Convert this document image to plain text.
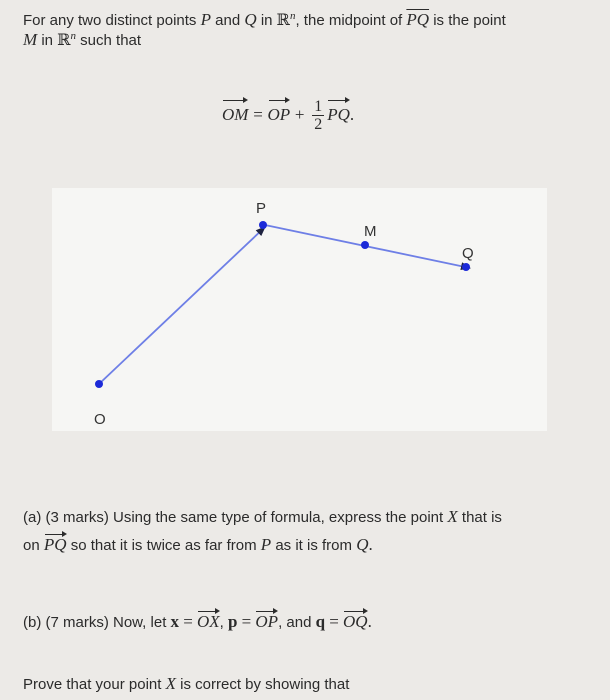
For any two distinct points P and Q in ℝ$^n$, the midpoint of $\overline{PQ}$ is the point
M in ℝ$^n$ such that
OM = OP + $\frac{1}{2}$ PQ.
P
M
Q
O
(a) (3 marks) Using the same type of formula, express the point X that is
on PQ so that it is twice as far from P as it is from Q.
(b) (7 marks) Now, let x = OX, p = OP, and q = OQ.
Prove that your point X is correct by showing that
